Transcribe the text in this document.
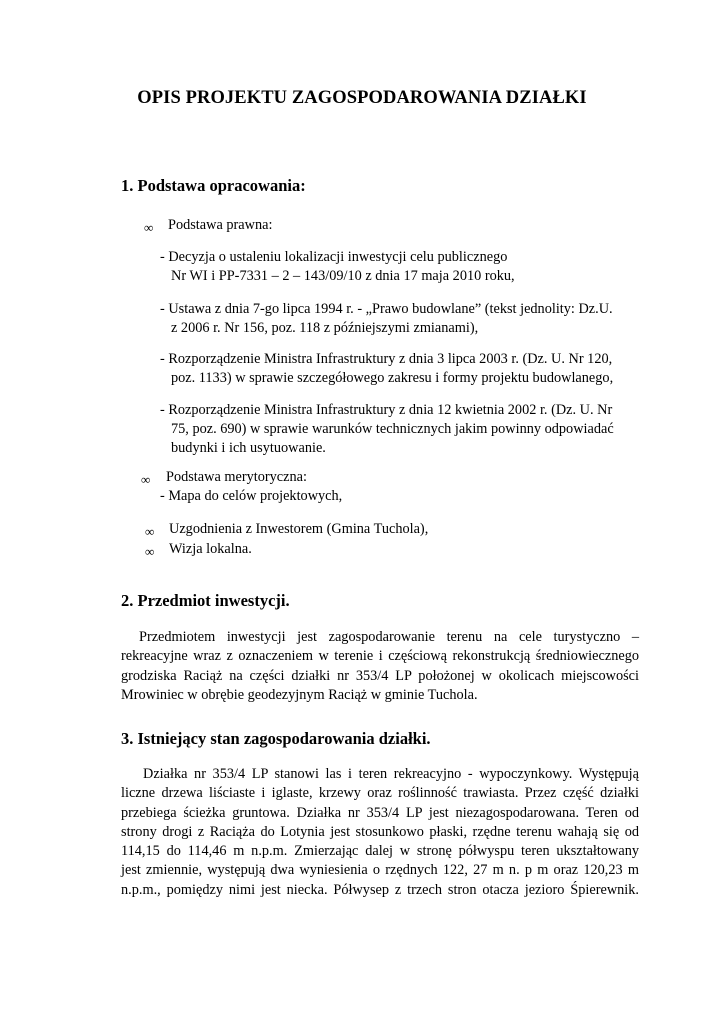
OPIS PROJEKTU ZAGOSPODAROWANIA DZIAŁKI
1. Podstawa opracowania:
∞ Podstawa prawna:
- Decyzja o ustaleniu lokalizacji inwestycji celu publicznego
Nr WI i PP-7331 – 2 – 143/09/10 z dnia 17 maja 2010 roku,
- Ustawa z dnia 7-go lipca 1994 r. - „Prawo budowlane” (tekst jednolity: Dz.U.
z 2006 r. Nr 156, poz. 118 z późniejszymi zmianami),
- Rozporządzenie Ministra Infrastruktury z dnia 3 lipca 2003 r. (Dz. U. Nr 120,
poz. 1133) w sprawie szczegółowego zakresu i formy projektu budowlanego,
- Rozporządzenie Ministra Infrastruktury z dnia 12 kwietnia 2002 r. (Dz. U. Nr
75, poz. 690) w sprawie warunków technicznych jakim powinny odpowiadać
budynki i ich usytuowanie.
∞ Podstawa merytoryczna:
- Mapa do celów projektowych,
∞ Uzgodnienia z Inwestorem (Gmina Tuchola),
∞ Wizja lokalna.
2. Przedmiot inwestycji.
Przedmiotem inwestycji jest zagospodarowanie terenu na cele turystyczno –
rekreacyjne wraz z oznaczeniem w terenie i częściową rekonstrukcją średniowiecznego
grodziska Raciąż na części działki nr 353/4 LP położonej w okolicach miejscowości
Mrowiniec w obrębie geodezyjnym Raciąż w gminie Tuchola.
3. Istniejący stan zagospodarowania działki.
Działka nr 353/4 LP stanowi las i teren rekreacyjno - wypoczynkowy. Występują
liczne drzewa liściaste i iglaste, krzewy oraz roślinność trawiasta. Przez część działki
przebiega ścieżka gruntowa. Działka nr 353/4 LP jest niezagospodarowana. Teren od
strony drogi z Raciąża do Lotynia jest stosunkowo płaski, rzędne terenu wahają się od
114,15 do 114,46 m n.p.m. Zmierzając dalej w stronę półwyspu teren ukształtowany
jest zmiennie, występują dwa wyniesienia o rzędnych 122, 27 m n. p m oraz 120,23 m
n.p.m., pomiędzy nimi jest niecka. Półwysep z trzech stron otacza jezioro Śpierewnik.
